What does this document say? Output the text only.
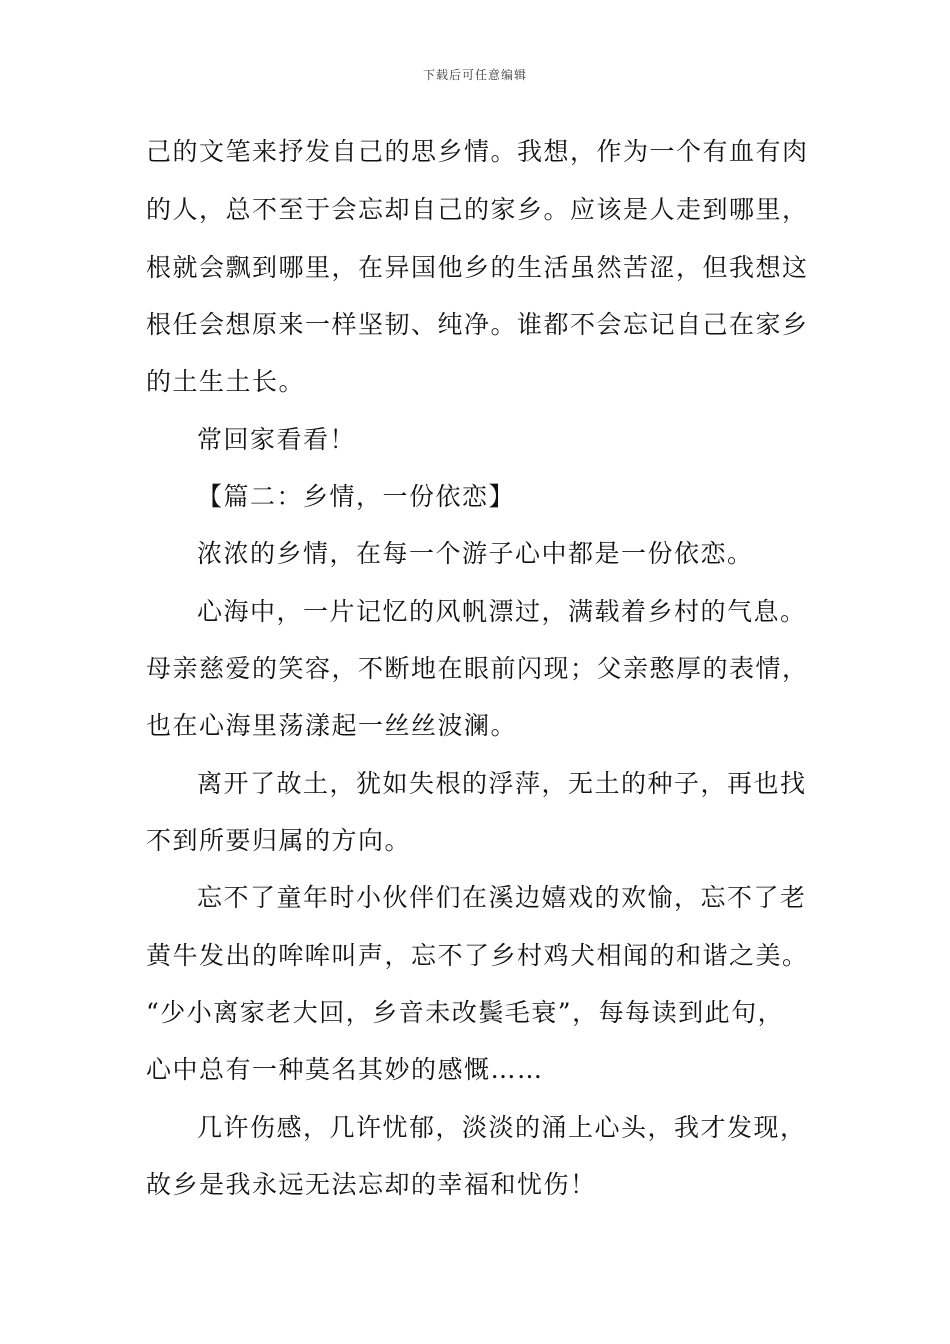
下载后可任意编辑
己的文笔来抒发自己的思乡情。我想，作为一个有血有肉
的人，总不至于会忘却自己的家乡。应该是人走到哪里，
根就会飘到哪里，在异国他乡的生活虽然苦涩，但我想这
根任会想原来一样坚韧、纯净。谁都不会忘记自己在家乡
的土生土长。
常回家看看！
【篇二：乡情，一份依恋】
浓浓的乡情，在每一个游子心中都是一份依恋。
心海中，一片记忆的风帆漂过，满载着乡村的气息。
母亲慈爱的笑容，不断地在眼前闪现；父亲憨厚的表情，
也在心海里荡漾起一丝丝波澜。
离开了故土，犹如失根的浮萍，无土的种子，再也找
不到所要归属的方向。
忘不了童年时小伙伴们在溪边嬉戏的欢愉，忘不了老
黄牛发出的哞哞叫声，忘不了乡村鸡犬相闻的和谐之美。
“少小离家老大回，乡音未改鬓毛衰”，每每读到此句，
心中总有一种莫名其妙的感慨……
几许伤感，几许忧郁，淡淡的涌上心头，我才发现，
故乡是我永远无法忘却的幸福和忧伤！
